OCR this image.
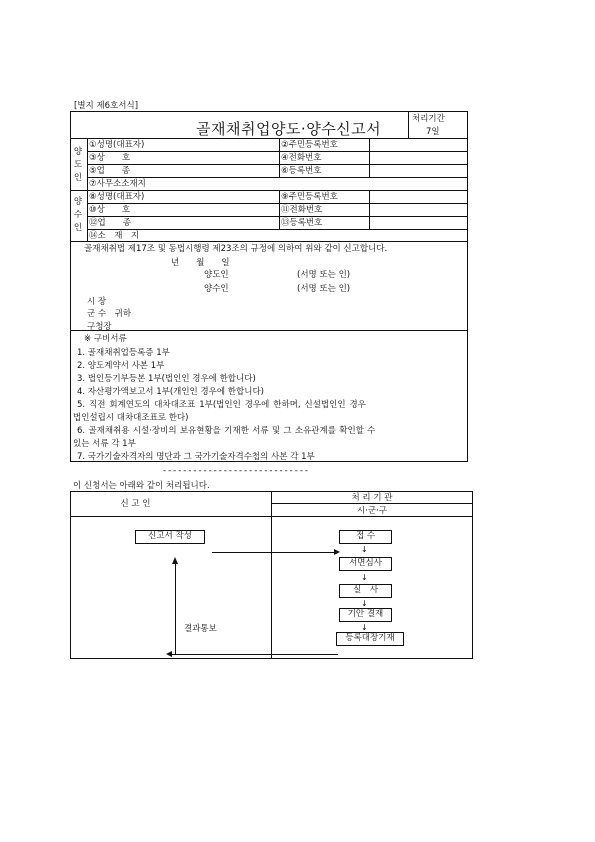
[별지 제6호서식]
골재채취업양도·양수신고서
처리기간
7일
양
도
인
①성명(대표자)	②주민등록번호
③상　　호	④전화번호
⑤업　　종	⑥등록번호
⑦사무소소재지
양
수
인
⑧성명(대표자)	⑨주민등록번호
⑩상　　호	⑪전화번호
⑫업　　종	⑬등록번호
⑭소　재　지
골재채취법 제17조 및 동법시행령 제23조의 규정에 의하여 위와 같이 신고합니다.
년　　월　　일
양도인	(서명 또는 인)
양수인	(서명 또는 인)
시 장
군 수　귀하
구청장
※ 구비서류
1. 골재채취업등록증 1부
2. 양도계약서 사본 1부
3. 법인등기부등본 1부(법인인 경우에 한합니다)
4. 자산평가액보고서 1부(개인인 경우에 한합니다)
5. 직전 회계연도의 대차대조표 1부(법인인 경우에 한하며, 신설법인인 경우
법인설립시 대차대조표로 한다)
6. 골재채취용 시설·장비의 보유현황을 기재한 서류 및 그 소유관계를 확인할 수
있는 서류 각 1부
7. 국가기술자격자의 명단과 그 국가기술자격수첩의 사본 각 1부
-----------------------------
이 신청서는 아래와 같이 처리됩니다.
신 고 인
처 리 기 관
시·군·구
신고서 작성	접 수
↓
서면심사
↓
실 사
↓
기안 결재
↓
등록대장기재
결과통보
